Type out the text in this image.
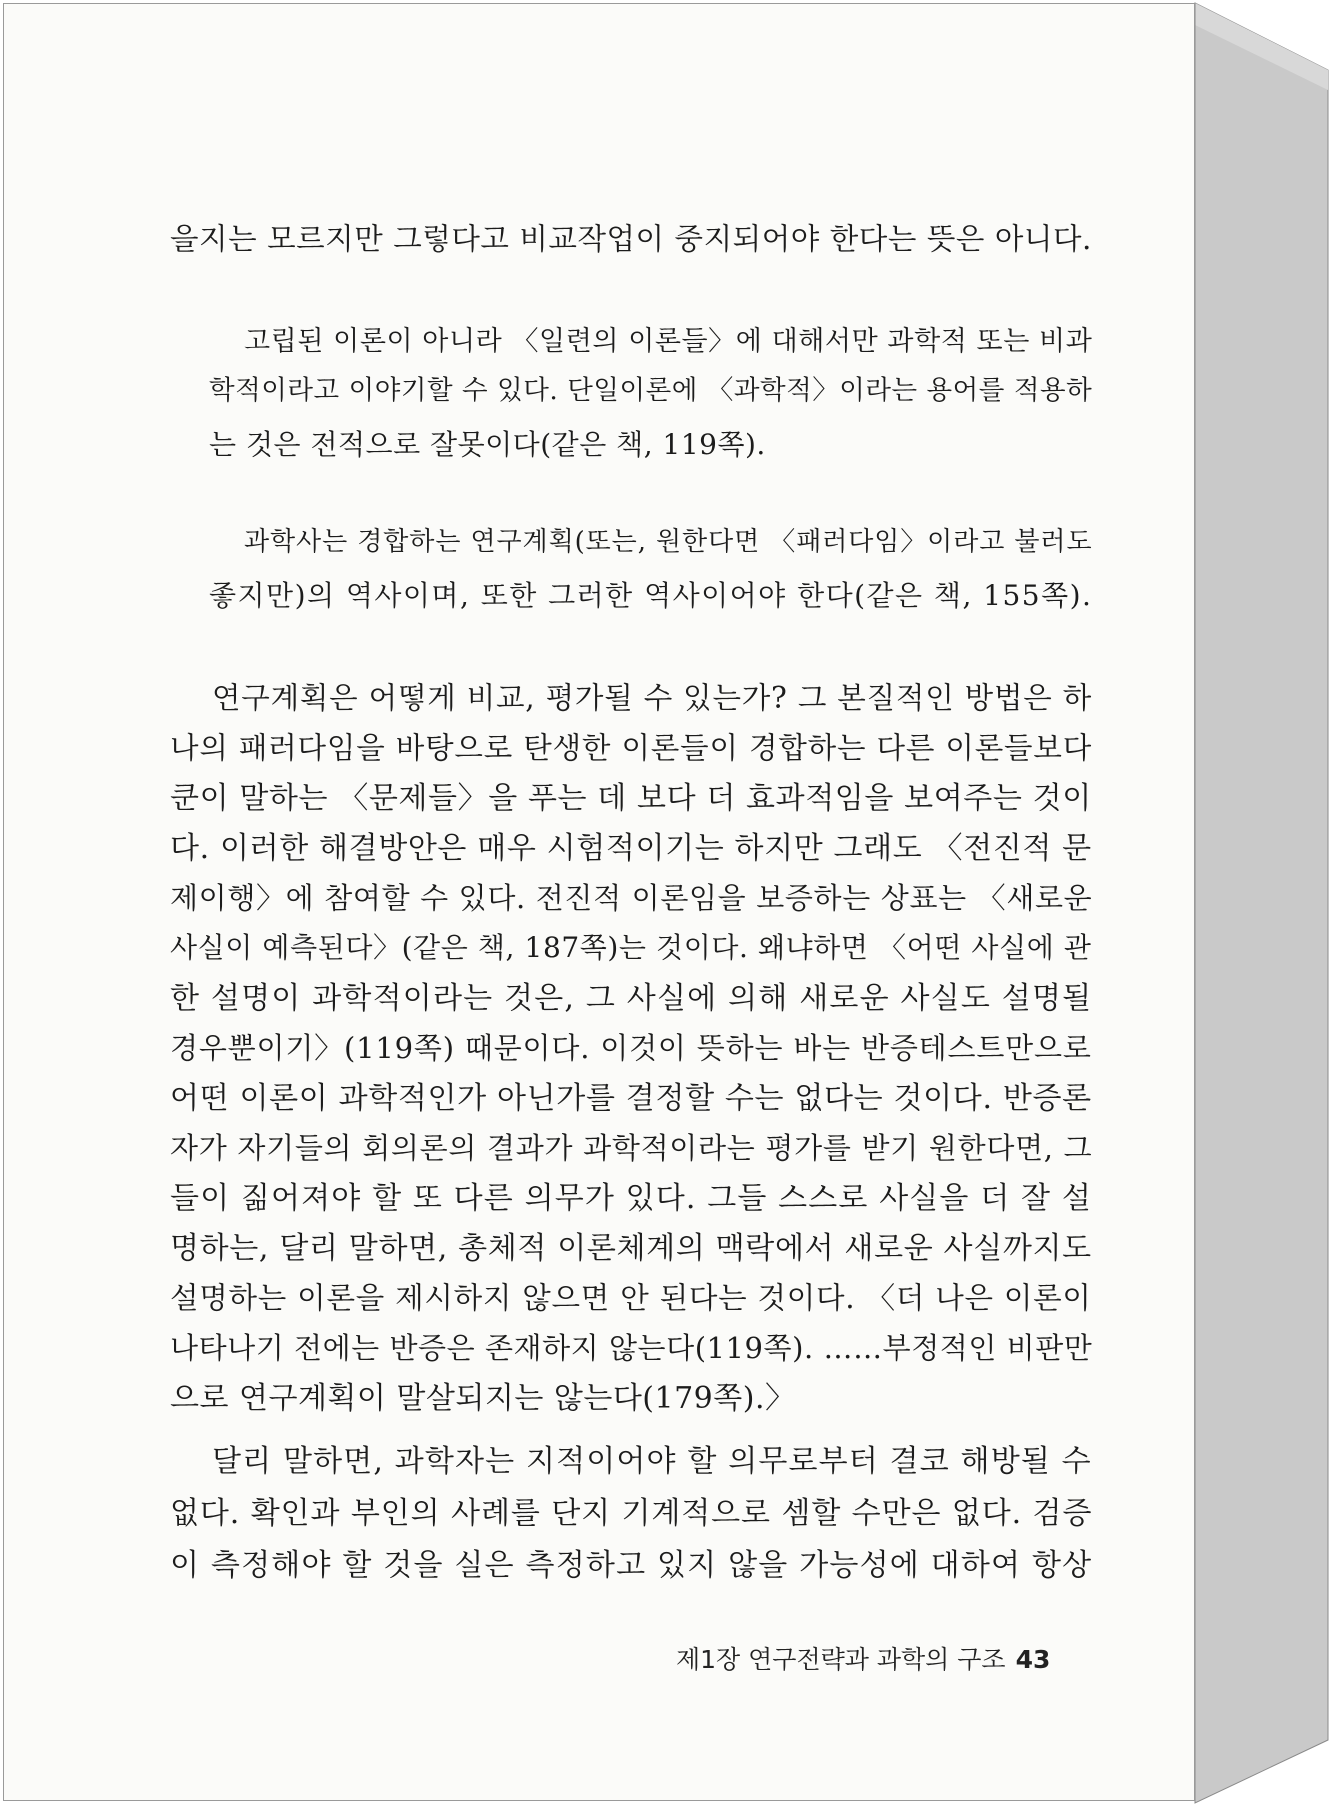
을지는 모르지만 그렇다고 비교작업이 중지되어야 한다는 뜻은 아니다.
고립된 이론이 아니라 〈일련의 이론들〉에 대해서만 과학적 또는 비과
학적이라고 이야기할 수 있다. 단일이론에 〈과학적〉이라는 용어를 적용하
는 것은 전적으로 잘못이다(같은 책, 119쪽).
과학사는 경합하는 연구계획(또는, 원한다면 〈패러다임〉이라고 불러도
좋지만)의 역사이며, 또한 그러한 역사이어야 한다(같은 책, 155쪽).
연구계획은 어떻게 비교, 평가될 수 있는가? 그 본질적인 방법은 하
나의 패러다임을 바탕으로 탄생한 이론들이 경합하는 다른 이론들보다
쿤이 말하는 〈문제들〉을 푸는 데 보다 더 효과적임을 보여주는 것이
다. 이러한 해결방안은 매우 시험적이기는 하지만 그래도 〈전진적 문
제이행〉에 참여할 수 있다. 전진적 이론임을 보증하는 상표는 〈새로운
사실이 예측된다〉(같은 책, 187쪽)는 것이다. 왜냐하면 〈어떤 사실에 관
한 설명이 과학적이라는 것은, 그 사실에 의해 새로운 사실도 설명될
경우뿐이기〉(119쪽) 때문이다. 이것이 뜻하는 바는 반증테스트만으로
어떤 이론이 과학적인가 아닌가를 결정할 수는 없다는 것이다. 반증론
자가 자기들의 회의론의 결과가 과학적이라는 평가를 받기 원한다면, 그
들이 짊어져야 할 또 다른 의무가 있다. 그들 스스로 사실을 더 잘 설
명하는, 달리 말하면, 총체적 이론체계의 맥락에서 새로운 사실까지도
설명하는 이론을 제시하지 않으면 안 된다는 것이다. 〈더 나은 이론이
나타나기 전에는 반증은 존재하지 않는다(119쪽). ……부정적인 비판만
으로 연구계획이 말살되지는 않는다(179쪽).〉
달리 말하면, 과학자는 지적이어야 할 의무로부터 결코 해방될 수
없다. 확인과 부인의 사례를 단지 기계적으로 셈할 수만은 없다. 검증
이 측정해야 할 것을 실은 측정하고 있지 않을 가능성에 대하여 항상
제1장 연구전략과 과학의 구조 43
